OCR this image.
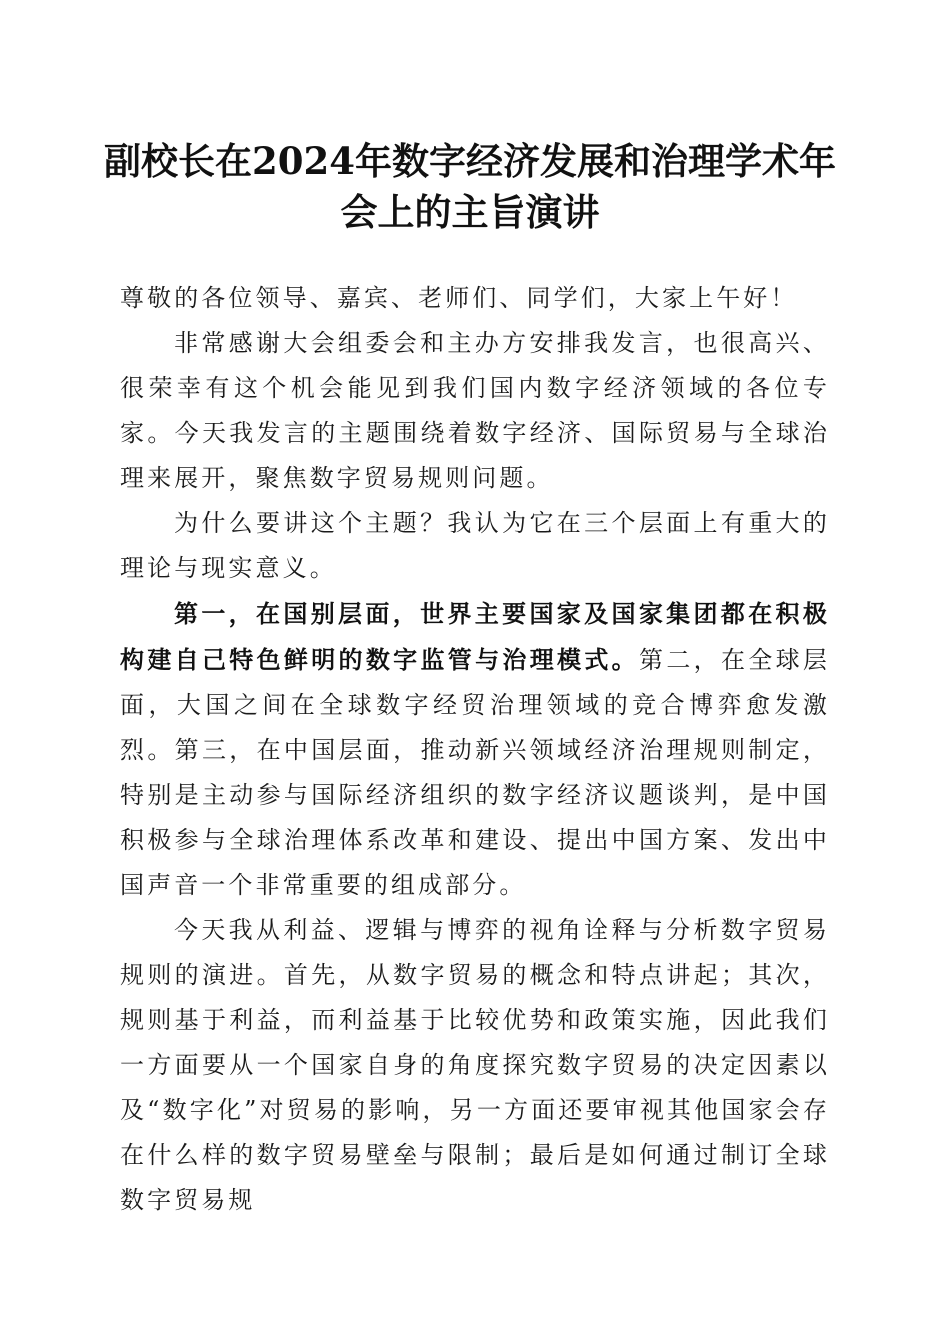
副校长在2024年数字经济发展和治理学术年会上的主旨演讲

尊敬的各位领导、嘉宾、老师们、同学们，大家上午好！

非常感谢大会组委会和主办方安排我发言，也很高兴、很荣幸有这个机会能见到我们国内数字经济领域的各位专家。今天我发言的主题围绕着数字经济、国际贸易与全球治理来展开，聚焦数字贸易规则问题。

为什么要讲这个主题？我认为它在三个层面上有重大的理论与现实意义。

第一，在国别层面，世界主要国家及国家集团都在积极构建自己特色鲜明的数字监管与治理模式。第二，在全球层面，大国之间在全球数字经贸治理领域的竞合博弈愈发激烈。第三，在中国层面，推动新兴领域经济治理规则制定，特别是主动参与国际经济组织的数字经济议题谈判，是中国积极参与全球治理体系改革和建设、提出中国方案、发出中国声音一个非常重要的组成部分。

今天我从利益、逻辑与博弈的视角诠释与分析数字贸易规则的演进。首先，从数字贸易的概念和特点讲起；其次，规则基于利益，而利益基于比较优势和政策实施，因此我们一方面要从一个国家自身的角度探究数字贸易的决定因素以及“数字化”对贸易的影响，另一方面还要审视其他国家会存在什么样的数字贸易壁垒与限制；最后是如何通过制订全球数字贸易规
